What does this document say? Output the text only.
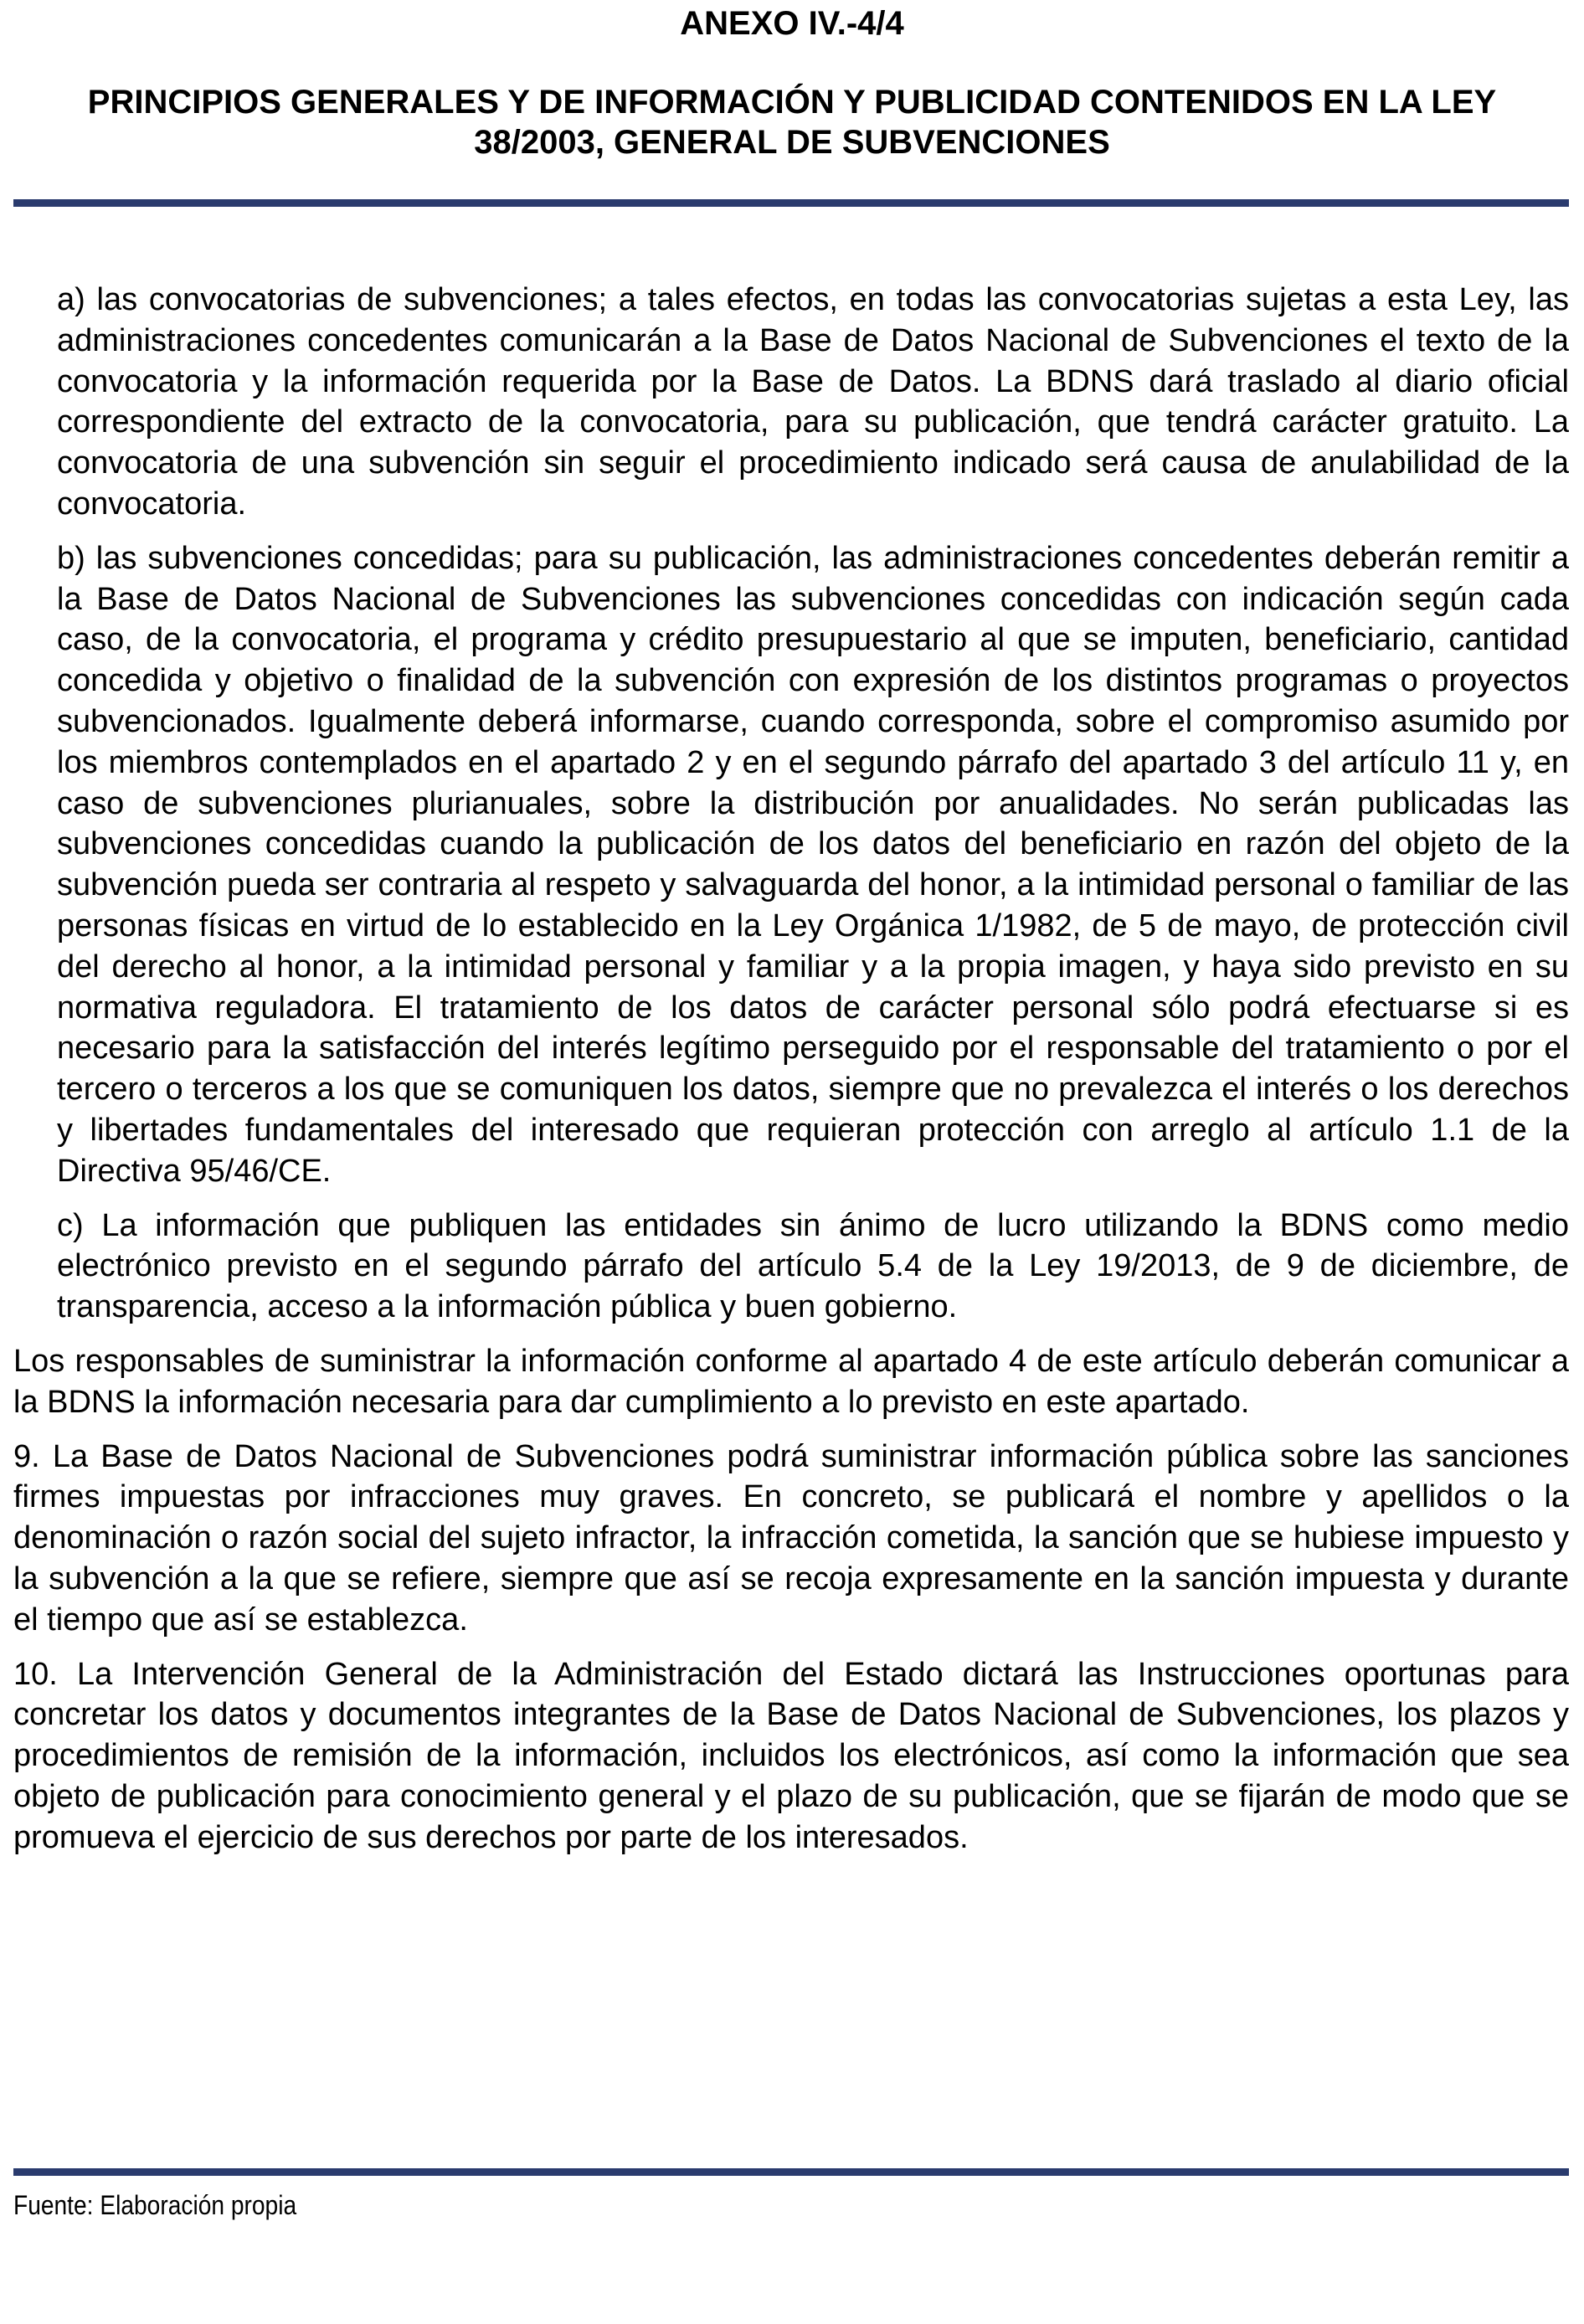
ANEXO IV.-4/4
PRINCIPIOS GENERALES Y DE INFORMACIÓN Y PUBLICIDAD CONTENIDOS EN LA LEY 38/2003, GENERAL DE SUBVENCIONES

a) las convocatorias de subvenciones; a tales efectos, en todas las convocatorias sujetas a esta Ley, las administraciones concedentes comunicarán a la Base de Datos Nacional de Subvenciones el texto de la convocatoria y la información requerida por la Base de Datos. La BDNS dará traslado al diario oficial correspondiente del extracto de la convocatoria, para su publicación, que tendrá carácter gratuito. La convocatoria de una subvención sin seguir el procedimiento indicado será causa de anulabilidad de la convocatoria.

b) las subvenciones concedidas; para su publicación, las administraciones concedentes deberán remitir a la Base de Datos Nacional de Subvenciones las subvenciones concedidas con indicación según cada caso, de la convocatoria, el programa y crédito presupuestario al que se imputen, beneficiario, cantidad concedida y objetivo o finalidad de la subvención con expresión de los distintos programas o proyectos subvencionados. Igualmente deberá informarse, cuando corresponda, sobre el compromiso asumido por los miembros contemplados en el apartado 2 y en el segundo párrafo del apartado 3 del artículo 11 y, en caso de subvenciones plurianuales, sobre la distribución por anualidades. No serán publicadas las subvenciones concedidas cuando la publicación de los datos del beneficiario en razón del objeto de la subvención pueda ser contraria al respeto y salvaguarda del honor, a la intimidad personal o familiar de las personas físicas en virtud de lo establecido en la Ley Orgánica 1/1982, de 5 de mayo, de protección civil del derecho al honor, a la intimidad personal y familiar y a la propia imagen, y haya sido previsto en su normativa reguladora. El tratamiento de los datos de carácter personal sólo podrá efectuarse si es necesario para la satisfacción del interés legítimo perseguido por el responsable del tratamiento o por el tercero o terceros a los que se comuniquen los datos, siempre que no prevalezca el interés o los derechos y libertades fundamentales del interesado que requieran protección con arreglo al artículo 1.1 de la Directiva 95/46/CE.

c) La información que publiquen las entidades sin ánimo de lucro utilizando la BDNS como medio electrónico previsto en el segundo párrafo del artículo 5.4 de la Ley 19/2013, de 9 de diciembre, de transparencia, acceso a la información pública y buen gobierno.

Los responsables de suministrar la información conforme al apartado 4 de este artículo deberán comunicar a la BDNS la información necesaria para dar cumplimiento a lo previsto en este apartado.

9. La Base de Datos Nacional de Subvenciones podrá suministrar información pública sobre las sanciones firmes impuestas por infracciones muy graves. En concreto, se publicará el nombre y apellidos o la denominación o razón social del sujeto infractor, la infracción cometida, la sanción que se hubiese impuesto y la subvención a la que se refiere, siempre que así se recoja expresamente en la sanción impuesta y durante el tiempo que así se establezca.

10. La Intervención General de la Administración del Estado dictará las Instrucciones oportunas para concretar los datos y documentos integrantes de la Base de Datos Nacional de Subvenciones, los plazos y procedimientos de remisión de la información, incluidos los electrónicos, así como la información que sea objeto de publicación para conocimiento general y el plazo de su publicación, que se fijarán de modo que se promueva el ejercicio de sus derechos por parte de los interesados.

Fuente: Elaboración propia
